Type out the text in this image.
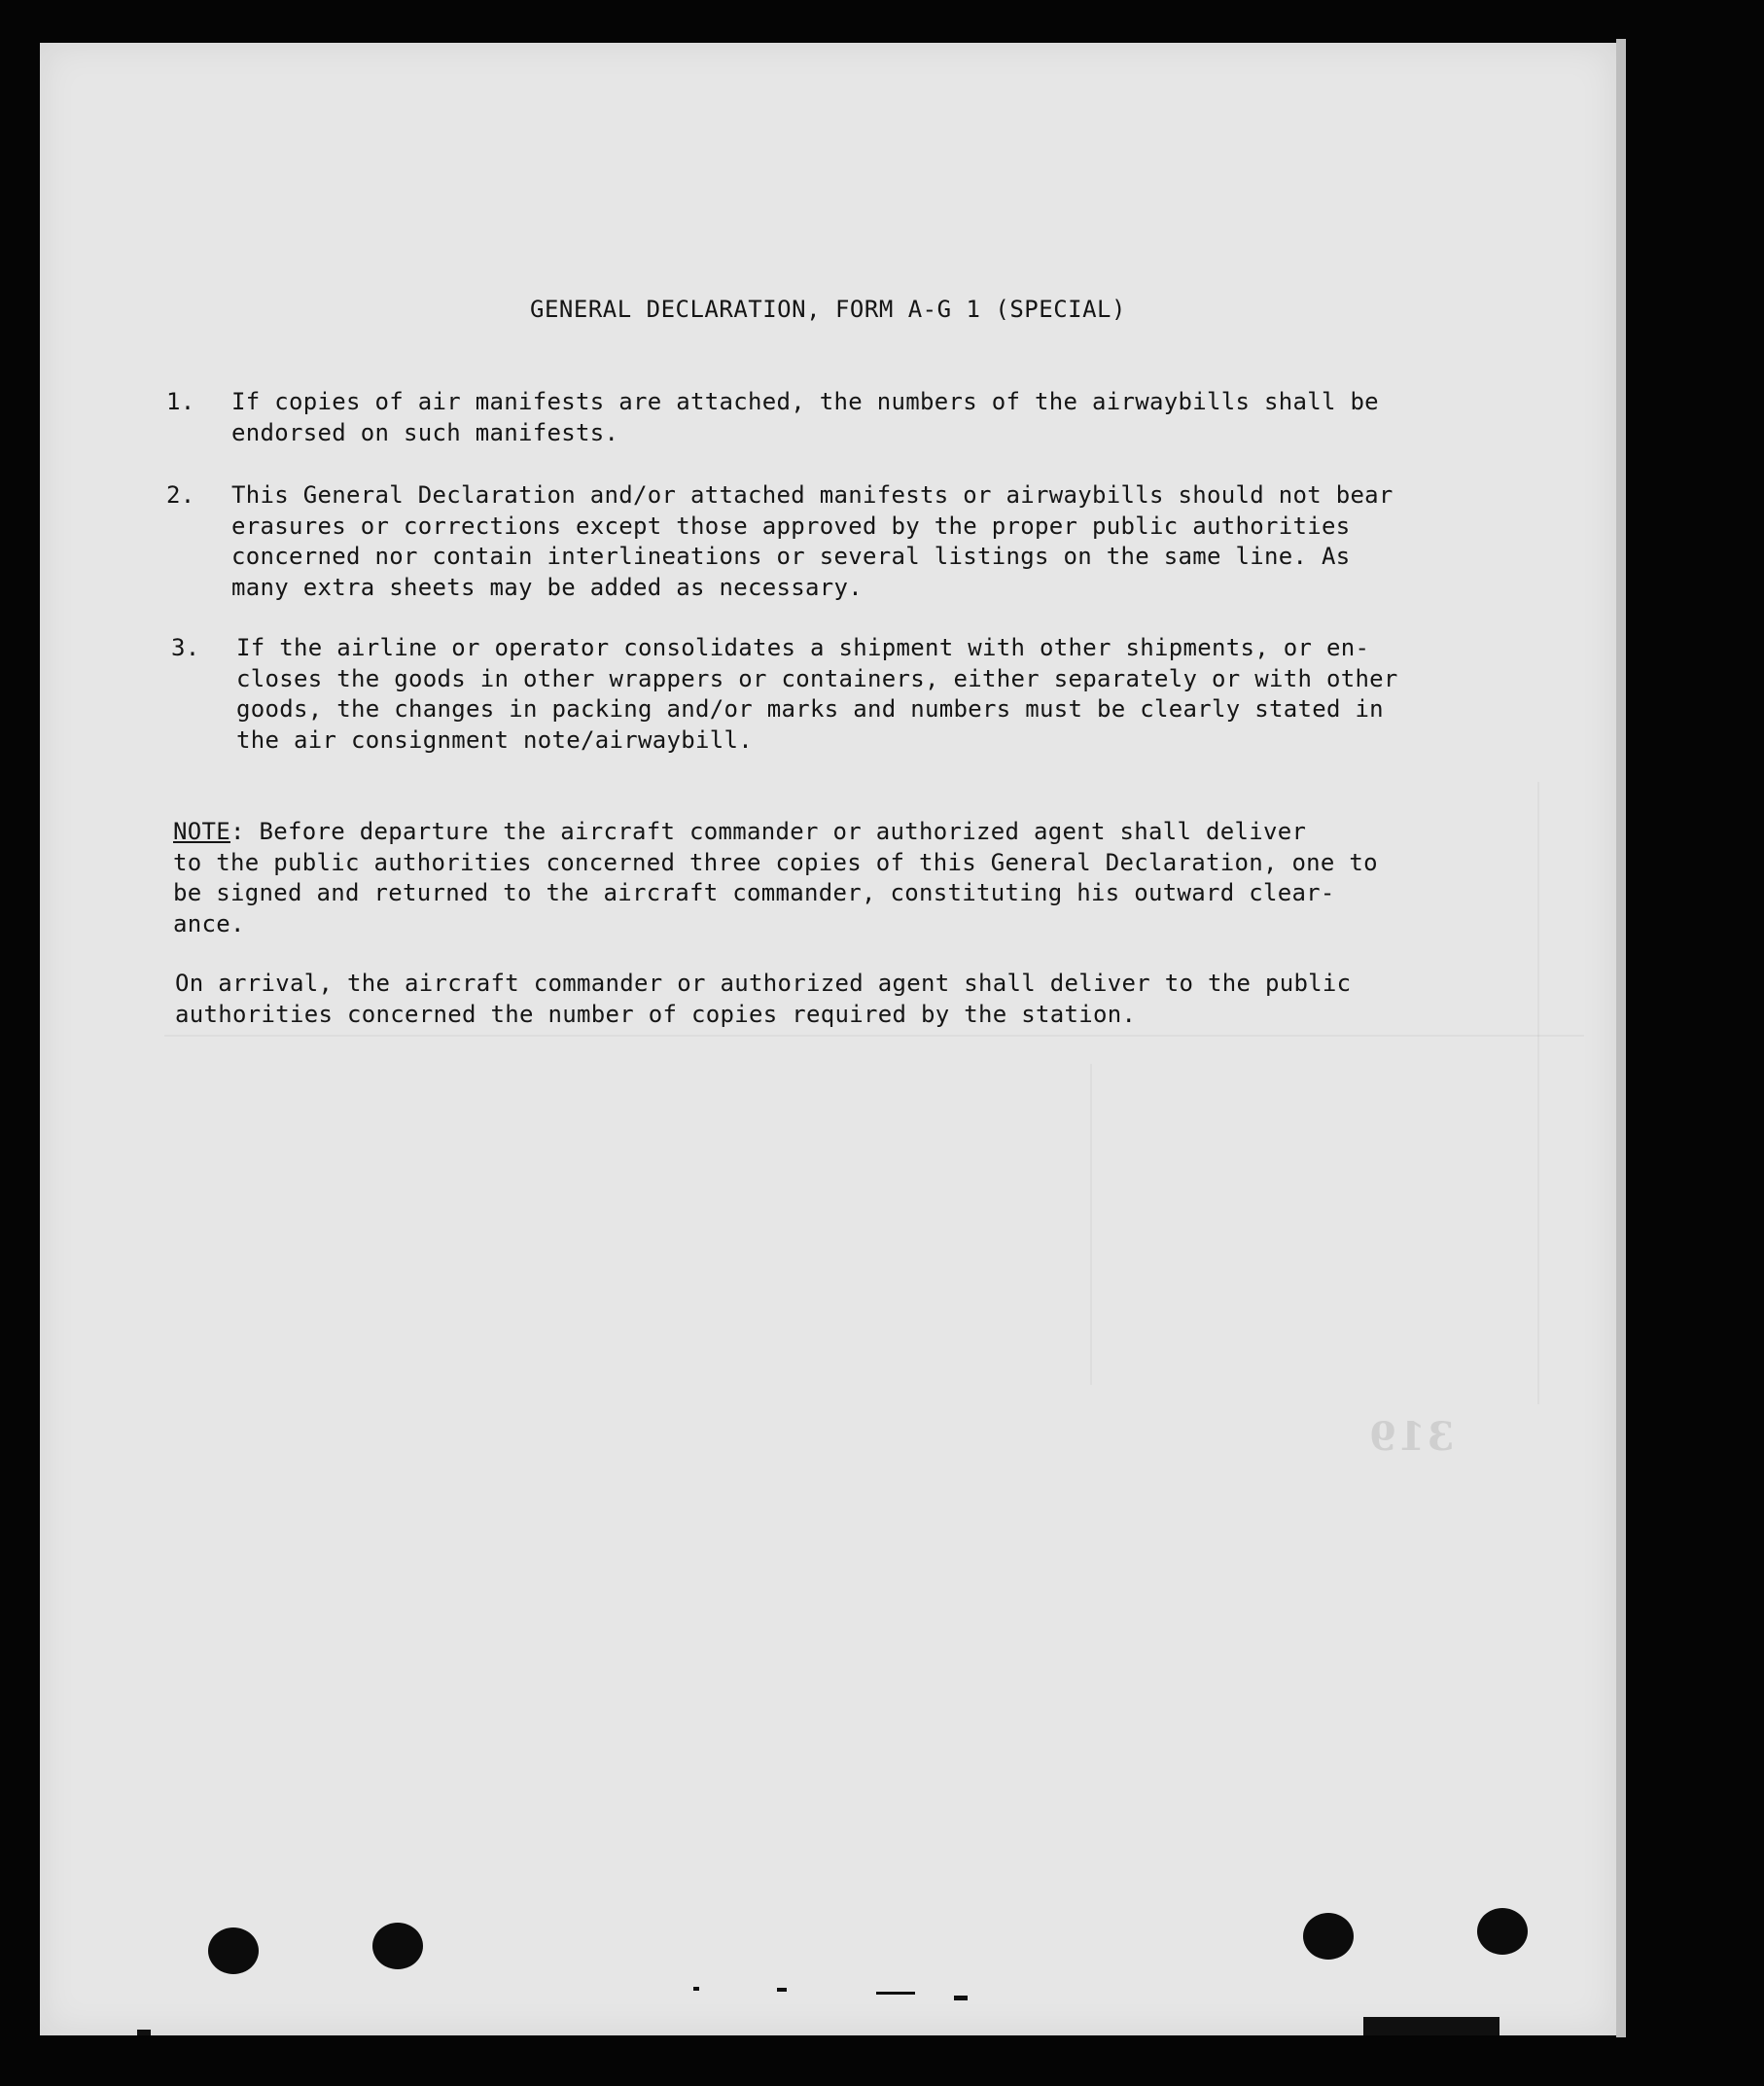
GENERAL DECLARATION, FORM A-G 1 (SPECIAL)
1.	If copies of air manifests are attached, the numbers of the airwaybills shall be
endorsed on such manifests.
2.	This General Declaration and/or attached manifests or airwaybills should not bear
erasures or corrections except those approved by the proper public authorities
concerned nor contain interlineations or several listings on the same line. As
many extra sheets may be added as necessary.
3.	If the airline or operator consolidates a shipment with other shipments, or en-
closes the goods in other wrappers or containers, either separately or with other
goods, the changes in packing and/or marks and numbers must be clearly stated in
the air consignment note/airwaybill.
NOTE: Before departure the aircraft commander or authorized agent shall deliver
to the public authorities concerned three copies of this General Declaration, one to
be signed and returned to the aircraft commander, constituting his outward clear-
ance.
On arrival, the aircraft commander or authorized agent shall deliver to the public
authorities concerned the number of copies required by the station.
319
